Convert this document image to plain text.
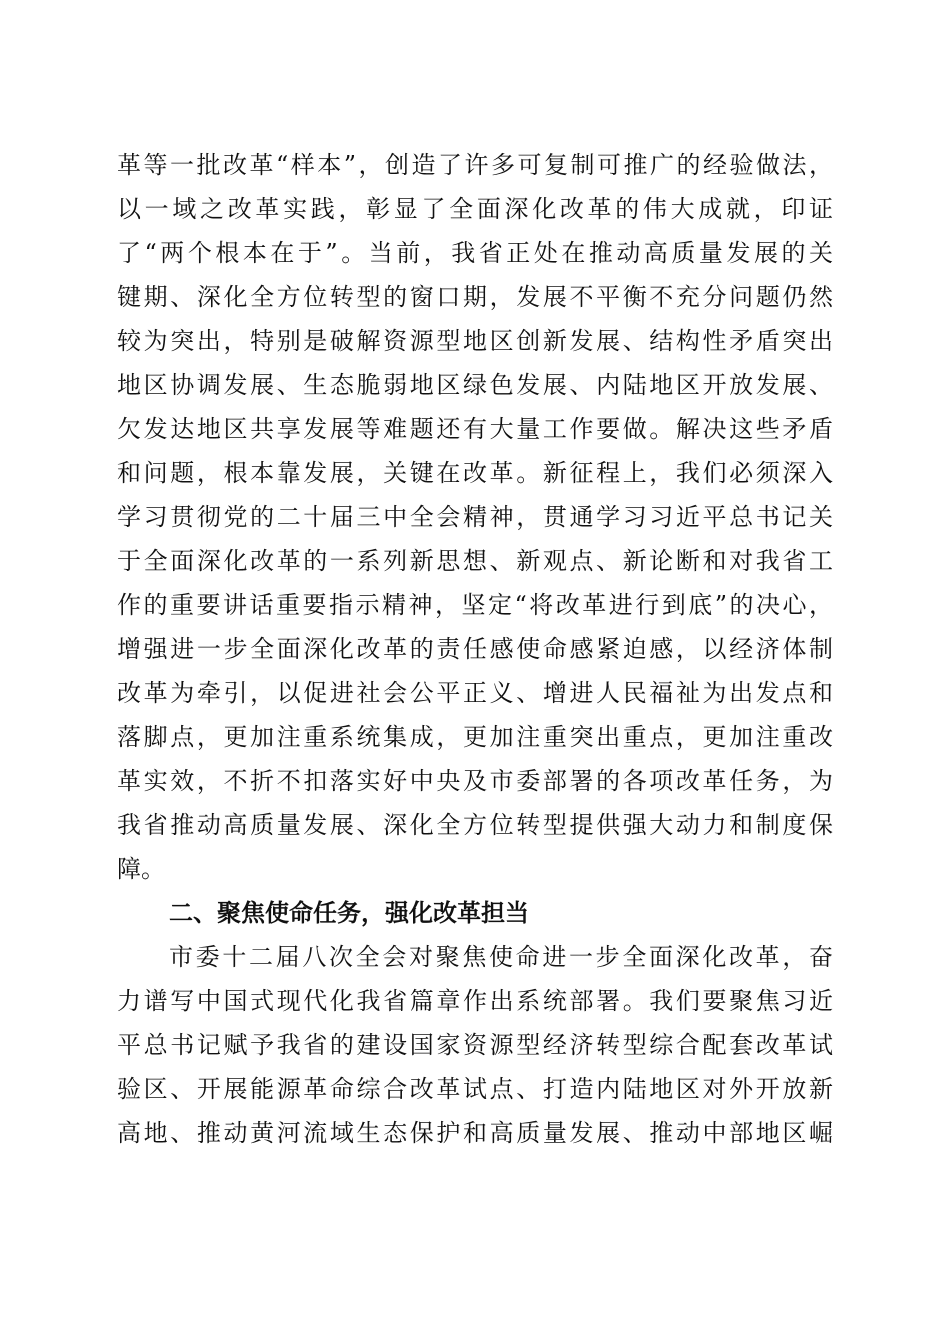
革等一批改革“样本”，创造了许多可复制可推广的经验做法，
以一域之改革实践，彰显了全面深化改革的伟大成就，印证
了“两个根本在于”。当前，我省正处在推动高质量发展的关
键期、深化全方位转型的窗口期，发展不平衡不充分问题仍然
较为突出，特别是破解资源型地区创新发展、结构性矛盾突出
地区协调发展、生态脆弱地区绿色发展、内陆地区开放发展、
欠发达地区共享发展等难题还有大量工作要做。解决这些矛盾
和问题，根本靠发展，关键在改革。新征程上，我们必须深入
学习贯彻党的二十届三中全会精神，贯通学习习近平总书记关
于全面深化改革的一系列新思想、新观点、新论断和对我省工
作的重要讲话重要指示精神，坚定“将改革进行到底”的决心，
增强进一步全面深化改革的责任感使命感紧迫感，以经济体制
改革为牵引，以促进社会公平正义、增进人民福祉为出发点和
落脚点，更加注重系统集成，更加注重突出重点，更加注重改
革实效，不折不扣落实好中央及市委部署的各项改革任务，为
我省推动高质量发展、深化全方位转型提供强大动力和制度保
障。
二、聚焦使命任务，强化改革担当
市委十二届八次全会对聚焦使命进一步全面深化改革，奋
力谱写中国式现代化我省篇章作出系统部署。我们要聚焦习近
平总书记赋予我省的建设国家资源型经济转型综合配套改革试
验区、开展能源革命综合改革试点、打造内陆地区对外开放新
高地、推动黄河流域生态保护和高质量发展、推动中部地区崛
